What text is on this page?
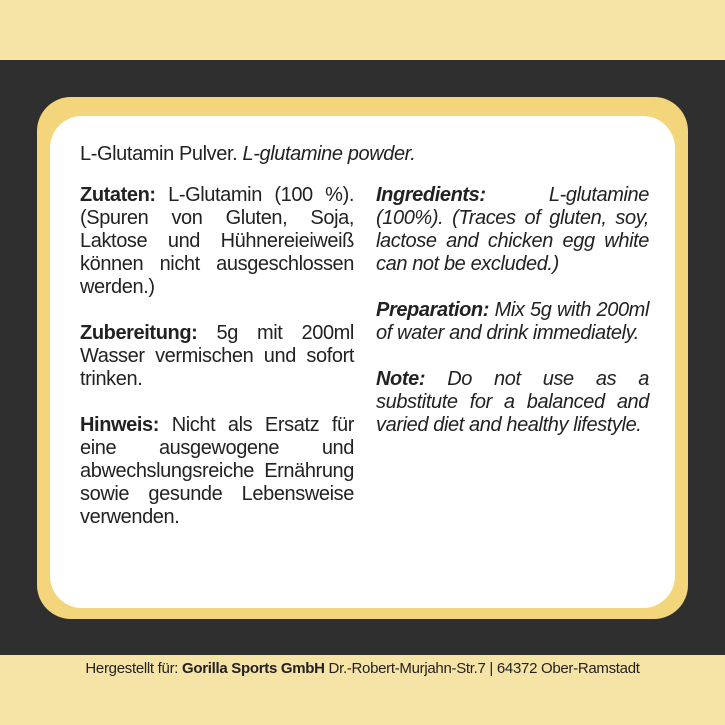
L-Glutamin Pulver. L-glutamine powder.

Zutaten: L-Glutamin (100 %). (Spuren von Gluten, Soja, Laktose und Hühnereieiweiß können nicht ausgeschlossen werden.)

Zubereitung: 5g mit 200ml Wasser vermischen und sofort trinken.

Hinweis: Nicht als Ersatz für eine ausgewogene und abwechslungsreiche Ernährung sowie gesunde Lebensweise verwenden.

Ingredients:	L-glutamine (100%). (Traces of gluten, soy, lactose and chicken egg white can not be excluded.)

Preparation: Mix 5g with 200ml of water and drink immediately.

Note: Do not use as a substitute for a balanced and varied diet and healthy lifestyle.

Hergestellt für: Gorilla Sports GmbH Dr.-Robert-Murjahn-Str.7 | 64372 Ober-Ramstadt
